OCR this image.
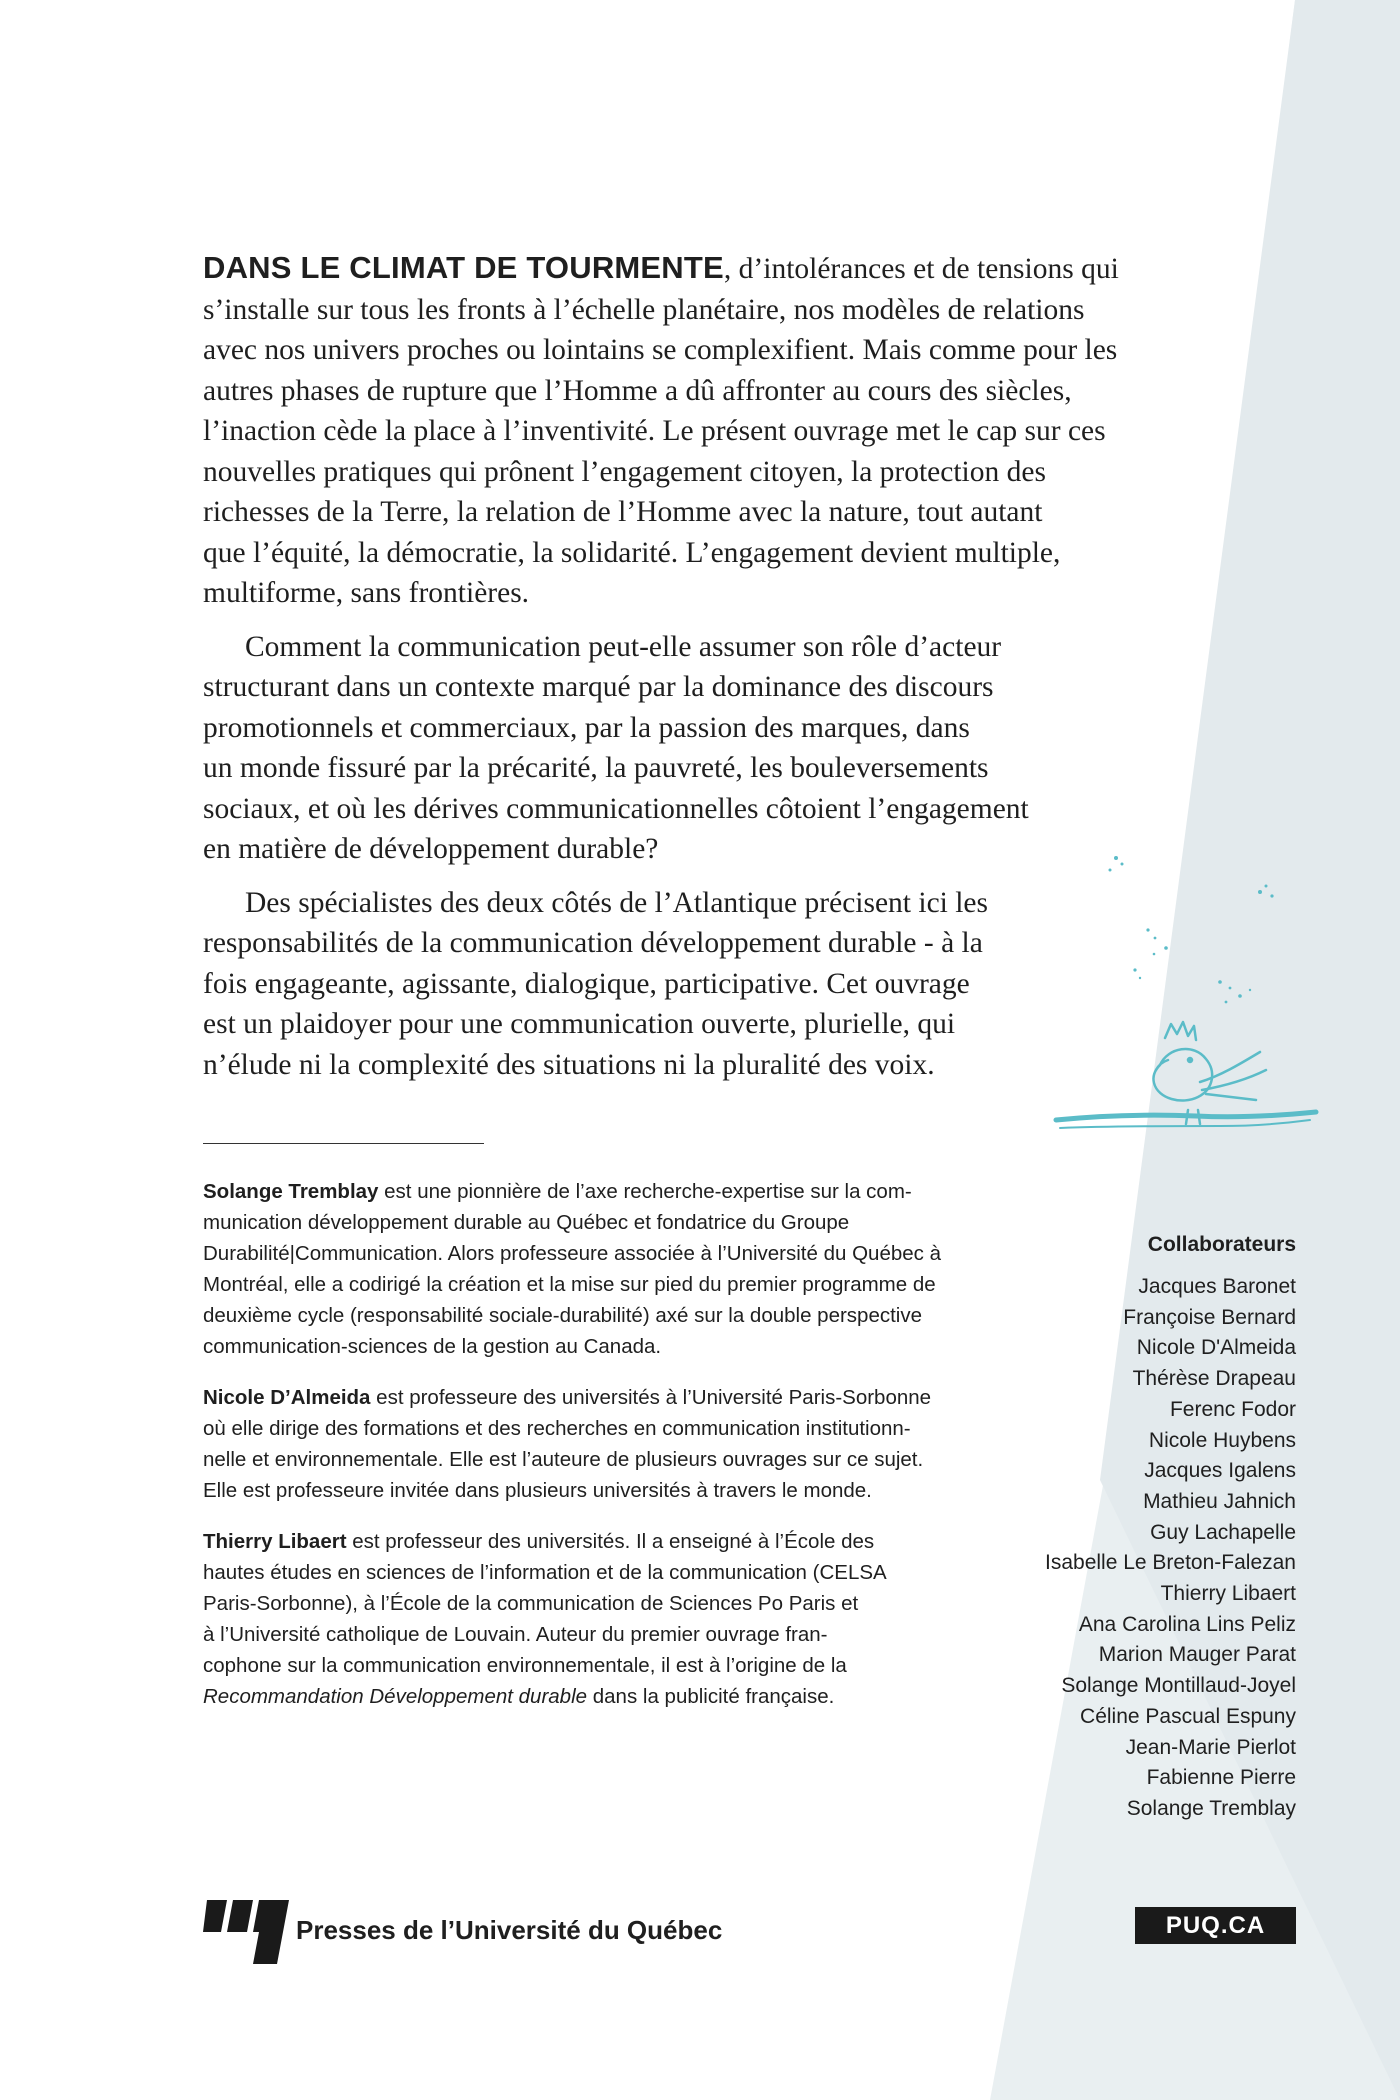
DANS LE CLIMAT DE TOURMENTE, d’intolérances et de tensions qui
s’installe sur tous les fronts à l’échelle planétaire, nos modèles de relations
avec nos univers proches ou lointains se complexifient. Mais comme pour les
autres phases de rupture que l’Homme a dû affronter au cours des siècles,
l’inaction cède la place à l’inventivité. Le présent ouvrage met le cap sur ces
nouvelles pratiques qui prônent l’engagement citoyen, la protection des
richesses de la Terre, la relation de l’Homme avec la nature, tout autant
que l’équité, la démocratie, la solidarité. L’engagement devient multiple,
multiforme, sans frontières.

Comment la communication peut-elle assumer son rôle d’acteur
structurant dans un contexte marqué par la dominance des discours
promotionnels et commerciaux, par la passion des marques, dans
un monde fissuré par la précarité, la pauvreté, les bouleversements
sociaux, et où les dérives communicationnelles côtoient l’engagement
en matière de développement durable?

Des spécialistes des deux côtés de l’Atlantique précisent ici les
responsabilités de la communication développement durable - à la
fois engageante, agissante, dialogique, participative. Cet ouvrage
est un plaidoyer pour une communication ouverte, plurielle, qui
n’élude ni la complexité des situations ni la pluralité des voix.

Solange Tremblay est une pionnière de l’axe recherche-expertise sur la com-
munication développement durable au Québec et fondatrice du Groupe
Durabilité|Communication. Alors professeure associée à l’Université du Québec à
Montréal, elle a codirigé la création et la mise sur pied du premier programme de
deuxième cycle (responsabilité sociale-durabilité) axé sur la double perspective
communication-sciences de la gestion au Canada.

Nicole D’Almeida est professeure des universités à l’Université Paris-Sorbonne
où elle dirige des formations et des recherches en communication institutionn-
nelle et environnementale. Elle est l’auteure de plusieurs ouvrages sur ce sujet.
Elle est professeure invitée dans plusieurs universités à travers le monde.

Thierry Libaert est professeur des universités. Il a enseigné à l’École des
hautes études en sciences de l’information et de la communication (CELSA
Paris-Sorbonne), à l’École de la communication de Sciences Po Paris et
à l’Université catholique de Louvain. Auteur du premier ouvrage fran-
cophone sur la communication environnementale, il est à l’origine de la
Recommandation Développement durable dans la publicité française.

Collaborateurs
Jacques Baronet
Françoise Bernard
Nicole D'Almeida
Thérèse Drapeau
Ferenc Fodor
Nicole Huybens
Jacques Igalens
Mathieu Jahnich
Guy Lachapelle
Isabelle Le Breton-Falezan
Thierry Libaert
Ana Carolina Lins Peliz
Marion Mauger Parat
Solange Montillaud-Joyel
Céline Pascual Espuny
Jean-Marie Pierlot
Fabienne Pierre
Solange Tremblay
Presses de l’Université du Québec	PUQ.CA
